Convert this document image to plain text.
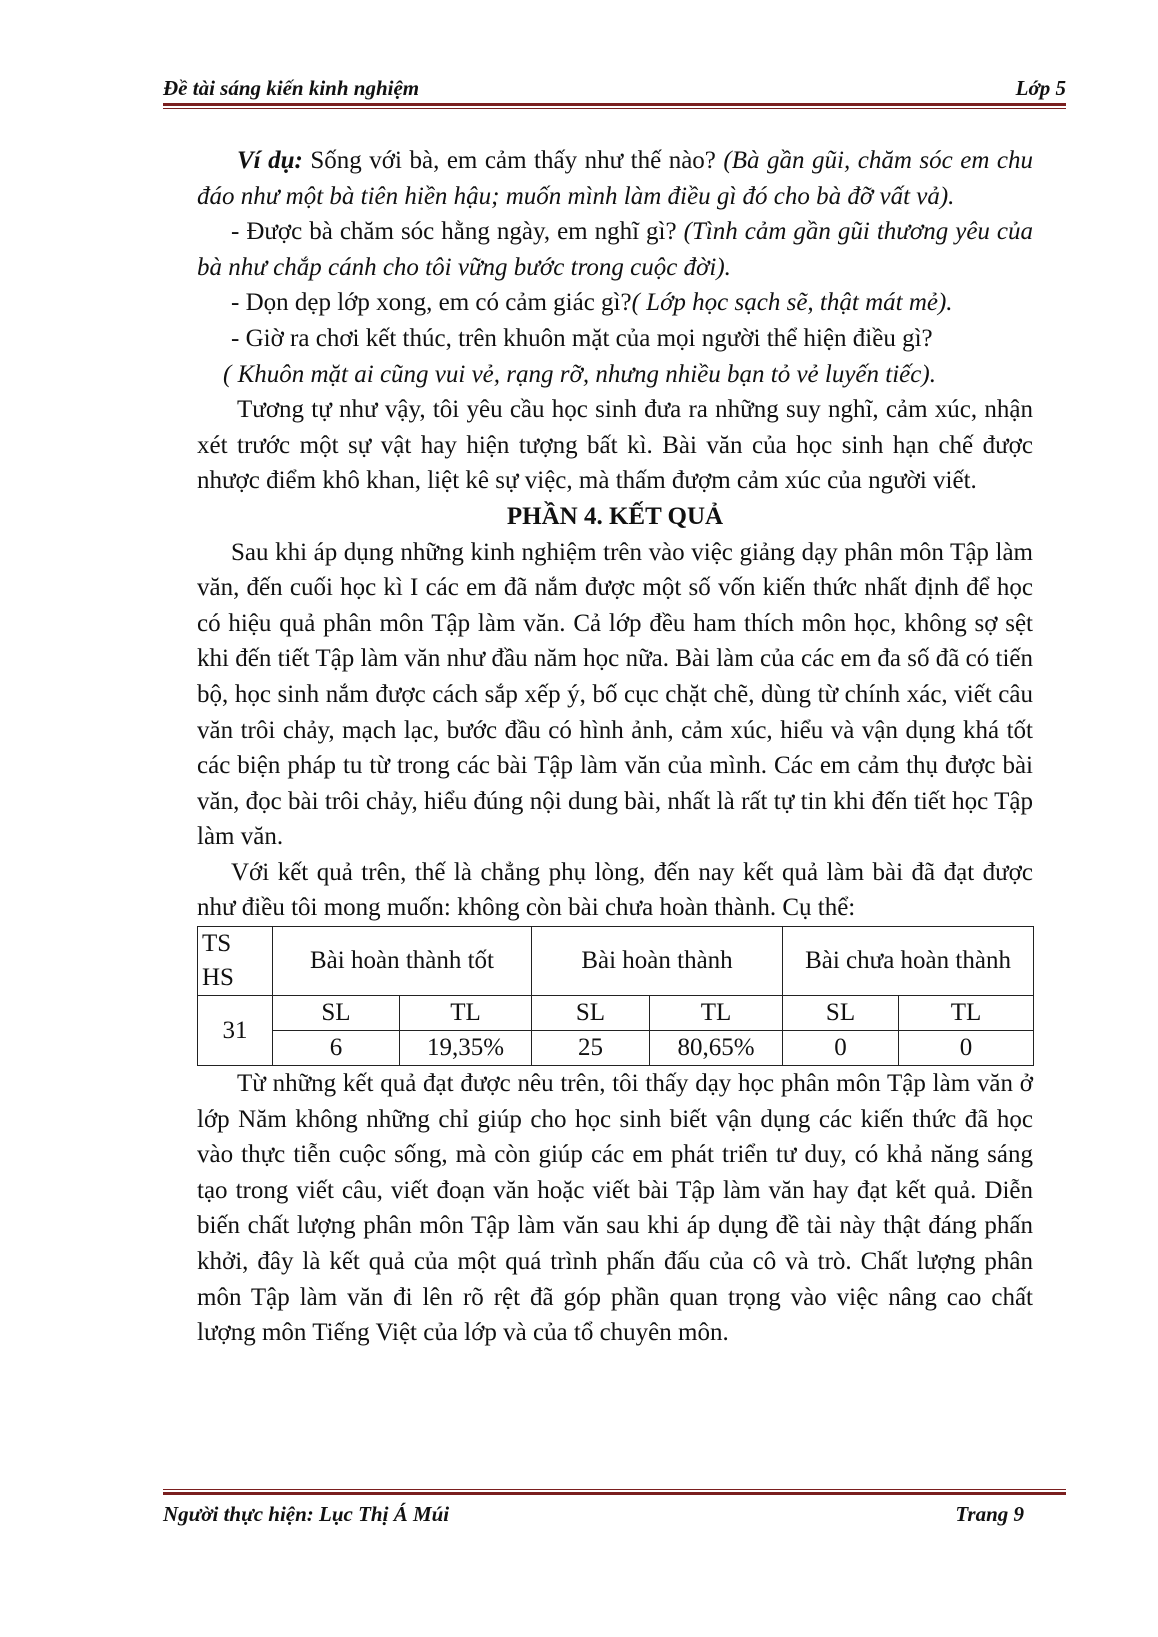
Đề tài sáng kiến kinh nghiệm	Lớp 5

Ví dụ: Sống với bà, em cảm thấy như thế nào? (Bà gần gũi, chăm sóc em chu đáo như một bà tiên hiền hậu; muốn mình làm điều gì đó cho bà đỡ vất vả).

- Được bà chăm sóc hằng ngày, em nghĩ gì? (Tình cảm gần gũi thương yêu của bà như chắp cánh cho tôi vững bước trong cuộc đời).

- Dọn dẹp lớp xong, em có cảm giác gì?( Lớp học sạch sẽ, thật mát mẻ).

- Giờ ra chơi kết thúc, trên khuôn mặt của mọi người thể hiện điều gì?

( Khuôn mặt ai cũng vui vẻ, rạng rỡ, nhưng nhiều bạn tỏ vẻ luyến tiếc).

Tương tự như vậy, tôi yêu cầu học sinh đưa ra những suy nghĩ, cảm xúc, nhận xét trước một sự vật hay hiện tượng bất kì. Bài văn của học sinh hạn chế được nhược điểm khô khan, liệt kê sự việc, mà thấm đượm cảm xúc của người viết.

PHẦN 4. KẾT QUẢ

Sau khi áp dụng những kinh nghiệm trên vào việc giảng dạy phân môn Tập làm văn, đến cuối học kì I các em đã nắm được một số vốn kiến thức nhất định để học có hiệu quả phân môn Tập làm văn. Cả lớp đều ham thích môn học, không sợ sệt khi đến tiết Tập làm văn như đầu năm học nữa. Bài làm của các em đa số đã có tiến bộ, học sinh nắm được cách sắp xếp ý, bố cục chặt chẽ, dùng từ chính xác, viết câu văn trôi chảy, mạch lạc, bước đầu có hình ảnh, cảm xúc, hiểu và vận dụng khá tốt các biện pháp tu từ trong các bài Tập làm văn của mình. Các em cảm thụ được bài văn, đọc bài trôi chảy, hiểu đúng nội dung bài, nhất là rất tự tin khi đến tiết học Tập làm văn.

Với kết quả trên, thế là chẳng phụ lòng, đến nay kết quả làm bài đã đạt được như điều tôi mong muốn: không còn bài chưa hoàn thành. Cụ thể:

TS HS	Bài hoàn thành tốt		Bài hoàn thành		Bài chưa hoàn thành	
31	SL	TL	SL	TL	SL	TL
	6	19,35%	25	80,65%	0	0

Từ những kết quả đạt được nêu trên, tôi thấy dạy học phân môn Tập làm văn ở lớp Năm không những chỉ giúp cho học sinh biết vận dụng các kiến thức đã học vào thực tiễn cuộc sống, mà còn giúp các em phát triển tư duy, có khả năng sáng tạo trong viết câu, viết đoạn văn hoặc viết bài Tập làm văn hay đạt kết quả. Diễn biến chất lượng phân môn Tập làm văn sau khi áp dụng đề tài này thật đáng phấn khởi, đây là kết quả của một quá trình phấn đấu của cô và trò. Chất lượng phân môn Tập làm văn đi lên rõ rệt đã góp phần quan trọng vào việc nâng cao chất lượng môn Tiếng Việt của lớp và của tổ chuyên môn.

Người thực hiện: Lục Thị Á Múi	Trang 9
